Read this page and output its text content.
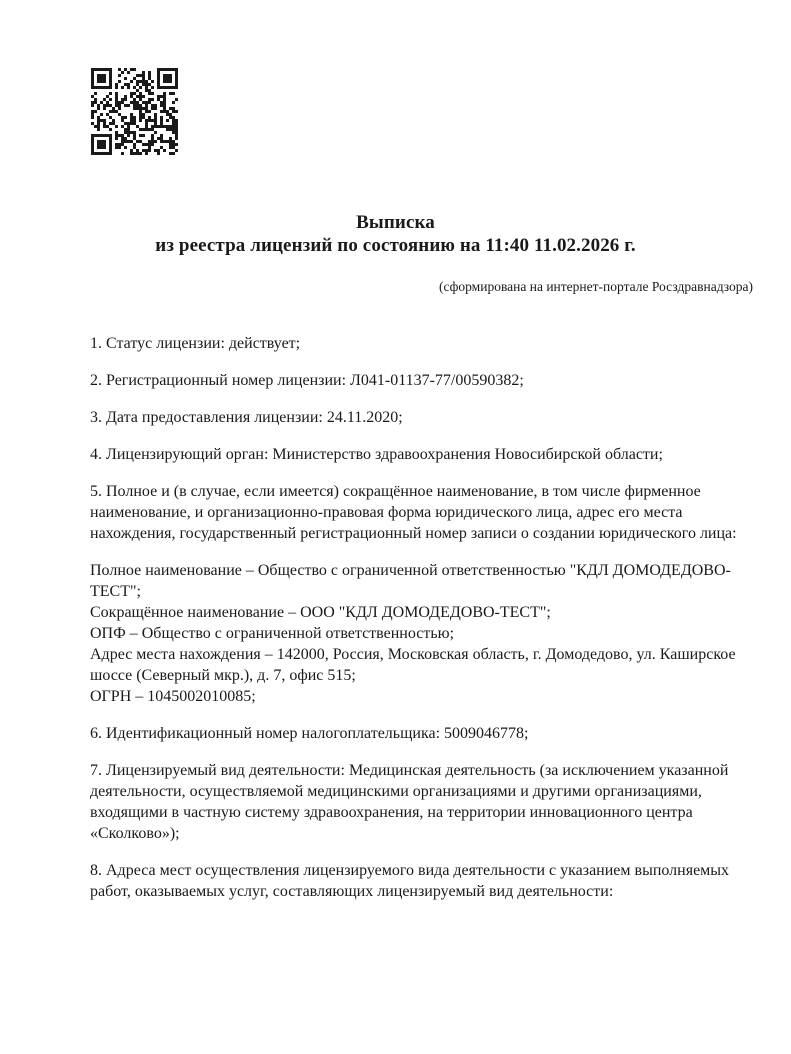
Выписка
из реестра лицензий по состоянию на 11:40 11.02.2026 г.
(сформирована на интернет-портале Росздравнадзора)

1. Статус лицензии: действует;

2. Регистрационный номер лицензии: Л041-01137-77/00590382;

3. Дата предоставления лицензии: 24.11.2020;

4. Лицензирующий орган: Министерство здравоохранения Новосибирской области;

5. Полное и (в случае, если имеется) сокращённое наименование, в том числе фирменное наименование, и организационно-правовая форма юридического лица, адрес его места нахождения, государственный регистрационный номер записи о создании юридического лица:

Полное наименование – Общество с ограниченной ответственностью "КДЛ ДОМОДЕДОВО-ТЕСТ";
Сокращённое наименование – ООО "КДЛ ДОМОДЕДОВО-ТЕСТ";
ОПФ – Общество с ограниченной ответственностью;
Адрес места нахождения – 142000, Россия, Московская область, г. Домодедово, ул. Каширское шоссе (Северный мкр.), д. 7, офис 515;
ОГРН – 1045002010085;

6. Идентификационный номер налогоплательщика: 5009046778;

7. Лицензируемый вид деятельности: Медицинская деятельность (за исключением указанной деятельности, осуществляемой медицинскими организациями и другими организациями, входящими в частную систему здравоохранения, на территории инновационного центра «Сколково»);

8. Адреса мест осуществления лицензируемого вида деятельности с указанием выполняемых работ, оказываемых услуг, составляющих лицензируемый вид деятельности:
